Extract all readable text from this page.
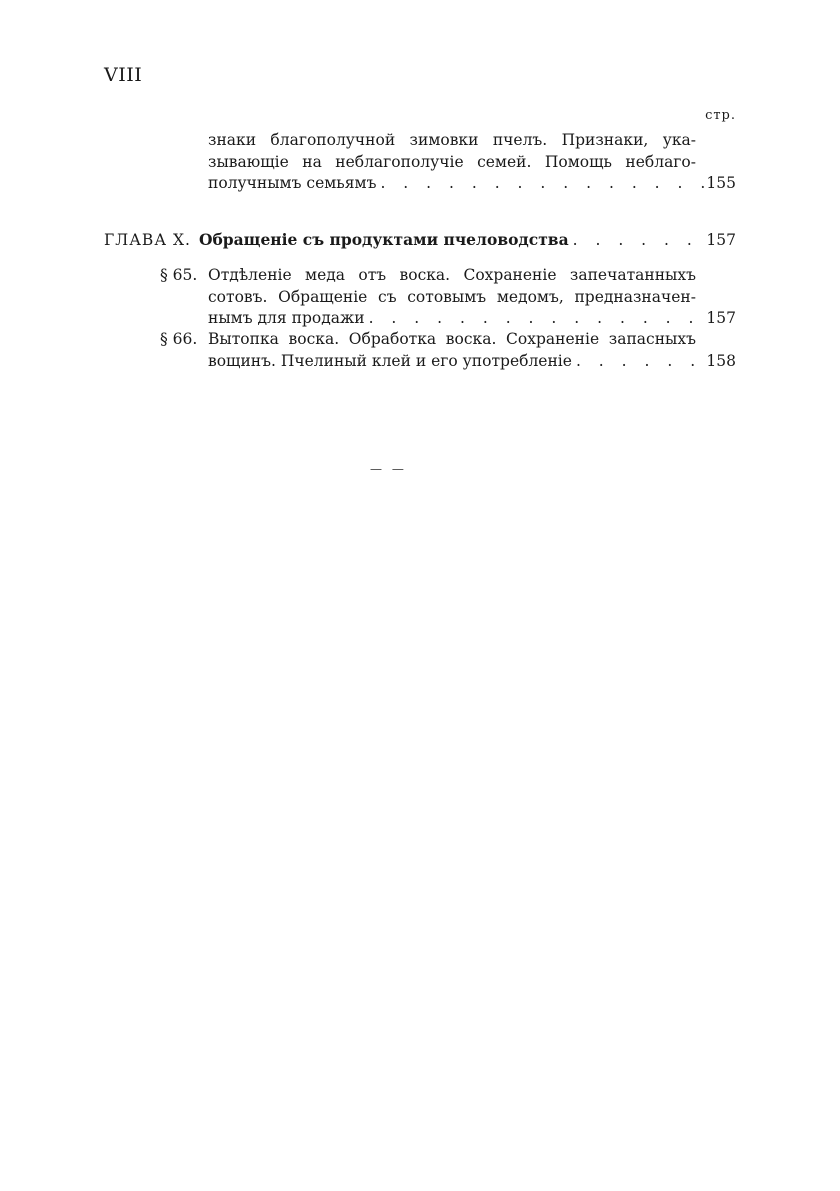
VIII
стр.
знаки благополучной зимовки пчелъ. Признаки, ука-
зывающіе на неблагополучіе семей. Помощь неблаго-
получнымъ семьямъ . . .	155
ГЛАВА X. Обращеніе съ продуктами пчеловодства . . .	157
§ 65. Отдѣленіе меда отъ воска. Сохраненіе запечатанныхъ
сотовъ. Обращеніе съ сотовымъ медомъ, предназначен-
нымъ для продажи . . .	157
§ 66. Вытопка воска. Обработка воска. Сохраненіе запасныхъ
вощинъ. Пчелиный клей и его употребленіе . . .	158
— —
